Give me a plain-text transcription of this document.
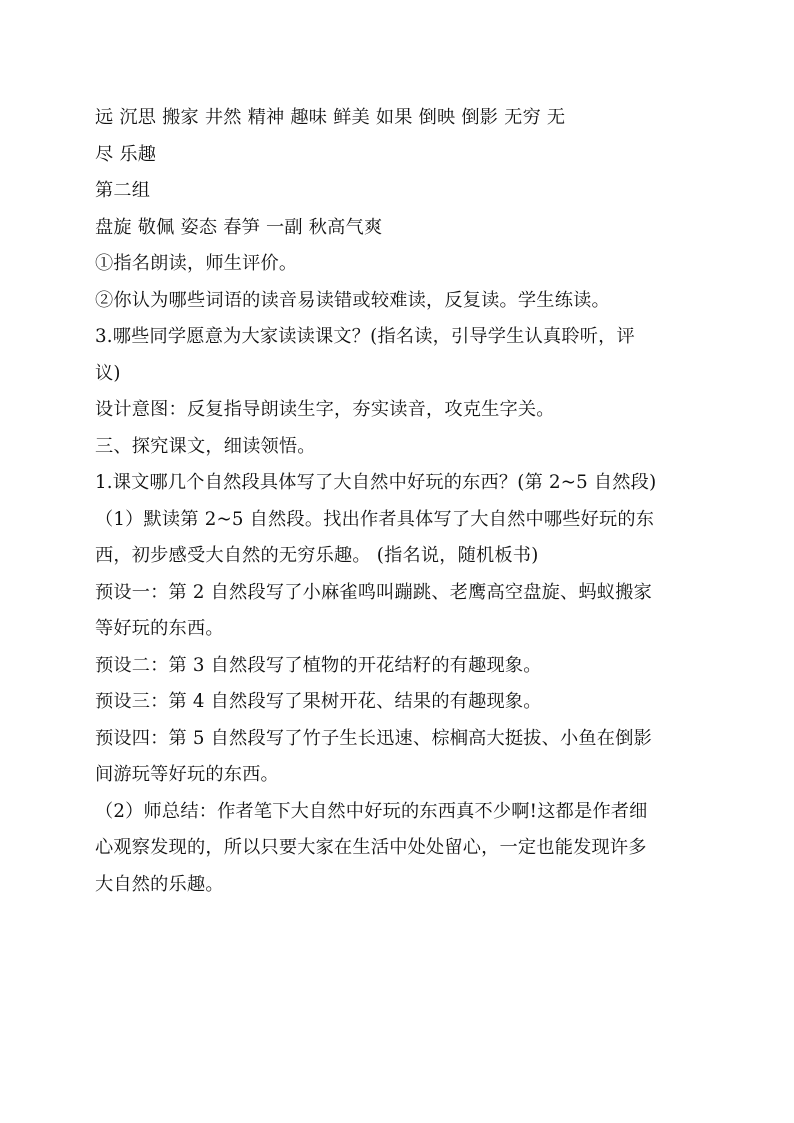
远 沉思 搬家 井然 精神 趣味 鲜美 如果 倒映 倒影 无穷 无
尽 乐趣
第二组
盘旋 敬佩 姿态 春笋 一副 秋高气爽
①指名朗读，师生评价。
②你认为哪些词语的读音易读错或较难读，反复读。学生练读。
3.哪些同学愿意为大家读读课文？(指名读，引导学生认真聆听，评
议)
设计意图：反复指导朗读生字，夯实读音，攻克生字关。
三、探究课文，细读领悟。
1.课文哪几个自然段具体写了大自然中好玩的东西？(第 2~5 自然段)
（1）默读第 2~5 自然段。找出作者具体写了大自然中哪些好玩的东
西，初步感受大自然的无穷乐趣。 (指名说，随机板书)
预设一：第 2 自然段写了小麻雀鸣叫蹦跳、老鹰高空盘旋、蚂蚁搬家
等好玩的东西。
预设二：第 3 自然段写了植物的开花结籽的有趣现象。
预设三：第 4 自然段写了果树开花、结果的有趣现象。
预设四：第 5 自然段写了竹子生长迅速、棕榈高大挺拔、小鱼在倒影
间游玩等好玩的东西。
（2）师总结：作者笔下大自然中好玩的东西真不少啊!这都是作者细
心观察发现的，所以只要大家在生活中处处留心，一定也能发现许多
大自然的乐趣。
